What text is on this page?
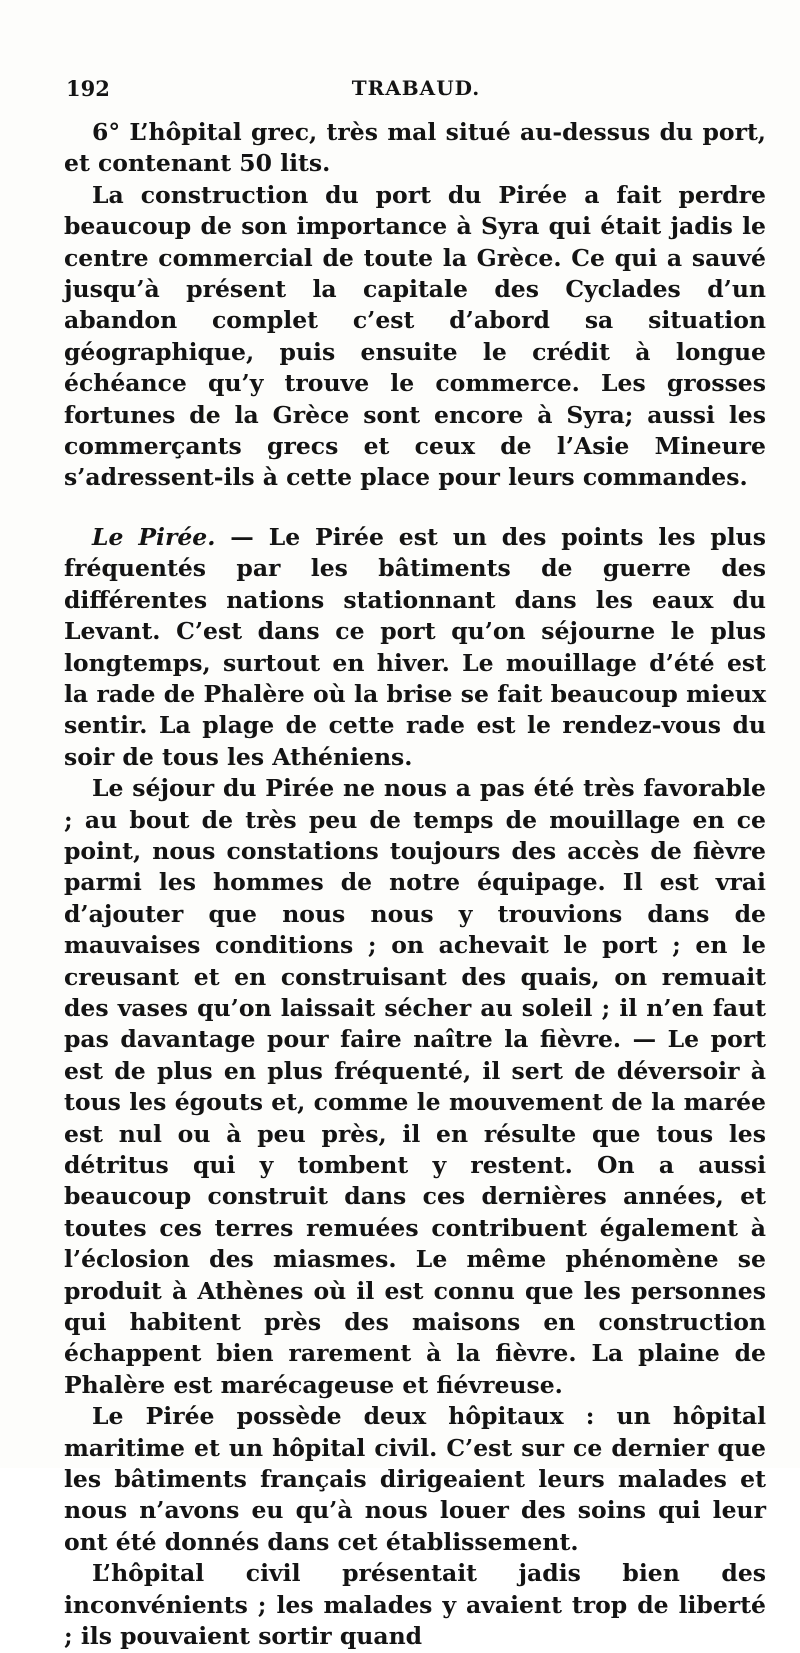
192	TRABAUD.

6° L’hôpital grec, très mal situé au-dessus du port, et contenant 50 lits.

La construction du port du Pirée a fait perdre beaucoup de son importance à Syra qui était jadis le centre commercial de toute la Grèce. Ce qui a sauvé jusqu’à présent la capitale des Cyclades d’un abandon complet c’est d’abord sa situation géographique, puis ensuite le crédit à longue échéance qu’y trouve le commerce. Les grosses fortunes de la Grèce sont encore à Syra; aussi les commerçants grecs et ceux de l’Asie Mineure s’adressent-ils à cette place pour leurs commandes.

Le Pirée. — Le Pirée est un des points les plus fréquentés par les bâtiments de guerre des différentes nations stationnant dans les eaux du Levant. C’est dans ce port qu’on séjourne le plus longtemps, surtout en hiver. Le mouillage d’été est la rade de Phalère où la brise se fait beaucoup mieux sentir. La plage de cette rade est le rendez-vous du soir de tous les Athéniens.

Le séjour du Pirée ne nous a pas été très favorable ; au bout de très peu de temps de mouillage en ce point, nous constations toujours des accès de fièvre parmi les hommes de notre équipage. Il est vrai d’ajouter que nous nous y trouvions dans de mauvaises conditions ; on achevait le port ; en le creusant et en construisant des quais, on remuait des vases qu’on laissait sécher au soleil ; il n’en faut pas davantage pour faire naître la fièvre. — Le port est de plus en plus fréquenté, il sert de déversoir à tous les égouts et, comme le mouvement de la marée est nul ou à peu près, il en résulte que tous les détritus qui y tombent y restent. On a aussi beaucoup construit dans ces dernières années, et toutes ces terres remuées contribuent également à l’éclosion des miasmes. Le même phénomène se produit à Athènes où il est connu que les personnes qui habitent près des maisons en construction échappent bien rarement à la fièvre. La plaine de Phalère est marécageuse et fiévreuse.

Le Pirée possède deux hôpitaux : un hôpital maritime et un hôpital civil. C’est sur ce dernier que les bâtiments français dirigeaient leurs malades et nous n’avons eu qu’à nous louer des soins qui leur ont été donnés dans cet établissement.

L’hôpital civil présentait jadis bien des inconvénients ; les malades y avaient trop de liberté ; ils pouvaient sortir quand
